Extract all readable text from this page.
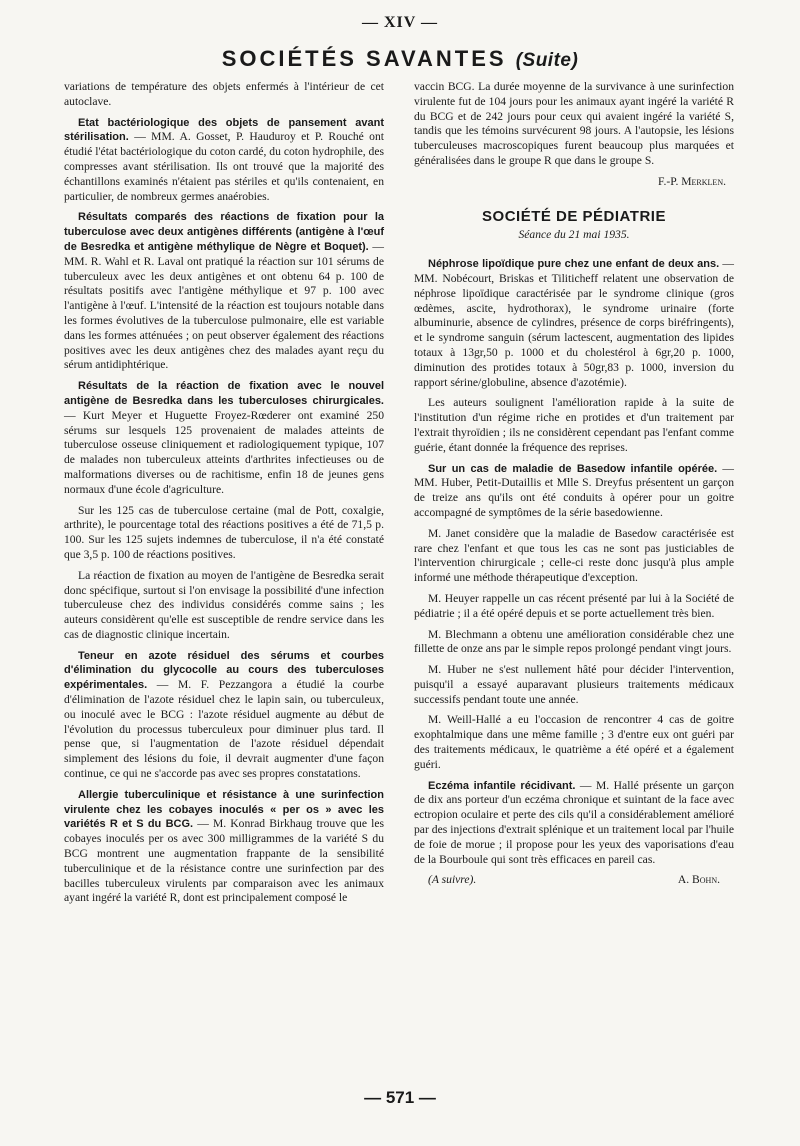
— XIV —
SOCIÉTÉS SAVANTES (Suite)

variations de température des objets enfermés à l'intérieur de cet autoclave.

Etat bactériologique des objets de pansement avant stérilisation. — MM. A. Gosset, P. Hauduroy et P. Rouché ont étudié l'état bactériologique du coton cardé, du coton hydrophile, des compresses avant stérilisation. Ils ont trouvé que la majorité des échantillons examinés n'étaient pas stériles et qu'ils contenaient, en particulier, de nombreux germes anaérobies.

Résultats comparés des réactions de fixation pour la tuberculose avec deux antigènes différents (antigène à l'œuf de Besredka et antigène méthylique de Nègre et Boquet). — MM. R. Wahl et R. Laval ont pratiqué la réaction sur 101 sérums de tuberculeux avec les deux antigènes et ont obtenu 64 p. 100 de résultats positifs avec l'antigène méthylique et 97 p. 100 avec l'antigène à l'œuf. L'intensité de la réaction est toujours notable dans les formes évolutives de la tuberculose pulmonaire, elle est variable dans les formes atténuées ; on peut observer également des réactions positives avec les deux antigènes chez des malades ayant reçu du sérum antidiphtérique.

Résultats de la réaction de fixation avec le nouvel antigène de Besredka dans les tuberculoses chirurgicales. — Kurt Meyer et Huguette Froyez-Rœderer ont examiné 250 sérums sur lesquels 125 provenaient de malades atteints de tuberculose osseuse cliniquement et radiologiquement typique, 107 de malades non tuberculeux atteints d'arthrites infectieuses ou de malformations diverses ou de rachitisme, enfin 18 de jeunes gens normaux d'une école d'agriculture.

Sur les 125 cas de tuberculose certaine (mal de Pott, coxalgie, arthrite), le pourcentage total des réactions positives a été de 71,5 p. 100. Sur les 125 sujets indemnes de tuberculose, il n'a été constaté que 3,5 p. 100 de réactions positives.

La réaction de fixation au moyen de l'antigène de Besredka serait donc spécifique, surtout si l'on envisage la possibilité d'une infection tuberculeuse chez des individus considérés comme sains ; les auteurs considèrent qu'elle est susceptible de rendre service dans les cas de diagnostic clinique incertain.

Teneur en azote résiduel des sérums et courbes d'élimination du glycocolle au cours des tuberculoses expérimentales. — M. F. Pezzangora a étudié la courbe d'élimination de l'azote résiduel chez le lapin sain, ou tuberculeux, ou inoculé avec le BCG : l'azote résiduel augmente au début de l'évolution du processus tuberculeux pour diminuer plus tard. Il pense que, si l'augmentation de l'azote résiduel dépendait simplement des lésions du foie, il devrait augmenter d'une façon continue, ce qui ne s'accorde pas avec ses propres constatations.

Allergie tuberculinique et résistance à une surinfection virulente chez les cobayes inoculés « per os » avec les variétés R et S du BCG. — M. Konrad Birkhaug trouve que les cobayes inoculés per os avec 300 milligrammes de la variété S du BCG montrent une augmentation frappante de la sensibilité tuberculinique et de la résistance contre une surinfection par des bacilles tuberculeux virulents par comparaison avec les animaux ayant ingéré la variété R, dont est principalement composé le

vaccin BCG. La durée moyenne de la survivance à une surinfection virulente fut de 104 jours pour les animaux ayant ingéré la variété R du BCG et de 242 jours pour ceux qui avaient ingéré la variété S, tandis que les témoins survécurent 98 jours. A l'autopsie, les lésions tuberculeuses macroscopiques furent beaucoup plus marquées et généralisées dans le groupe R que dans le groupe S.

F.-P. Merklen.

SOCIÉTÉ DE PÉDIATRIE
Séance du 21 mai 1935.

Néphrose lipoïdique pure chez une enfant de deux ans. — MM. Nobécourt, Briskas et Tiliticheff relatent une observation de néphrose lipoïdique caractérisée par le syndrome clinique (gros œdèmes, ascite, hydrothorax), le syndrome urinaire (forte albuminurie, absence de cylindres, présence de corps biréfringents), et le syndrome sanguin (sérum lactescent, augmentation des lipides totaux à 13gr,50 p. 1000 et du cholestérol à 6gr,20 p. 1000, diminution des protides totaux à 50gr,83 p. 1000, inversion du rapport sérine/globuline, absence d'azotémie).

Les auteurs soulignent l'amélioration rapide à la suite de l'institution d'un régime riche en protides et d'un traitement par l'extrait thyroïdien ; ils ne considèrent cependant pas l'enfant comme guérie, étant donnée la fréquence des reprises.

Sur un cas de maladie de Basedow infantile opérée. — MM. Huber, Petit-Dutaillis et Mlle S. Dreyfus présentent un garçon de treize ans qu'ils ont été conduits à opérer pour un goitre accompagné de symptômes de la série basedowienne.

M. Janet considère que la maladie de Basedow caractérisée est rare chez l'enfant et que tous les cas ne sont pas justiciables de l'intervention chirurgicale ; celle-ci reste donc jusqu'à plus ample informé une méthode thérapeutique d'exception.

M. Heuyer rappelle un cas récent présenté par lui à la Société de pédiatrie ; il a été opéré depuis et se porte actuellement très bien.

M. Blechmann a obtenu une amélioration considérable chez une fillette de onze ans par le simple repos prolongé pendant vingt jours.

M. Huber ne s'est nullement hâté pour décider l'intervention, puisqu'il a essayé auparavant plusieurs traitements médicaux successifs pendant toute une année.

M. Weill-Hallé a eu l'occasion de rencontrer 4 cas de goitre exophtalmique dans une même famille ; 3 d'entre eux ont guéri par des traitements médicaux, le quatrième a été opéré et a également guéri.

Eczéma infantile récidivant. — M. Hallé présente un garçon de dix ans porteur d'un eczéma chronique et suintant de la face avec ectropion oculaire et perte des cils qu'il a considérablement amélioré par des injections d'extrait splénique et un traitement local par l'huile de foie de morue ; il propose pour les yeux des vaporisations d'eau de la Bourboule qui sont très efficaces en pareil cas.

(A suivre).	A. Bohn.
— 571 —
